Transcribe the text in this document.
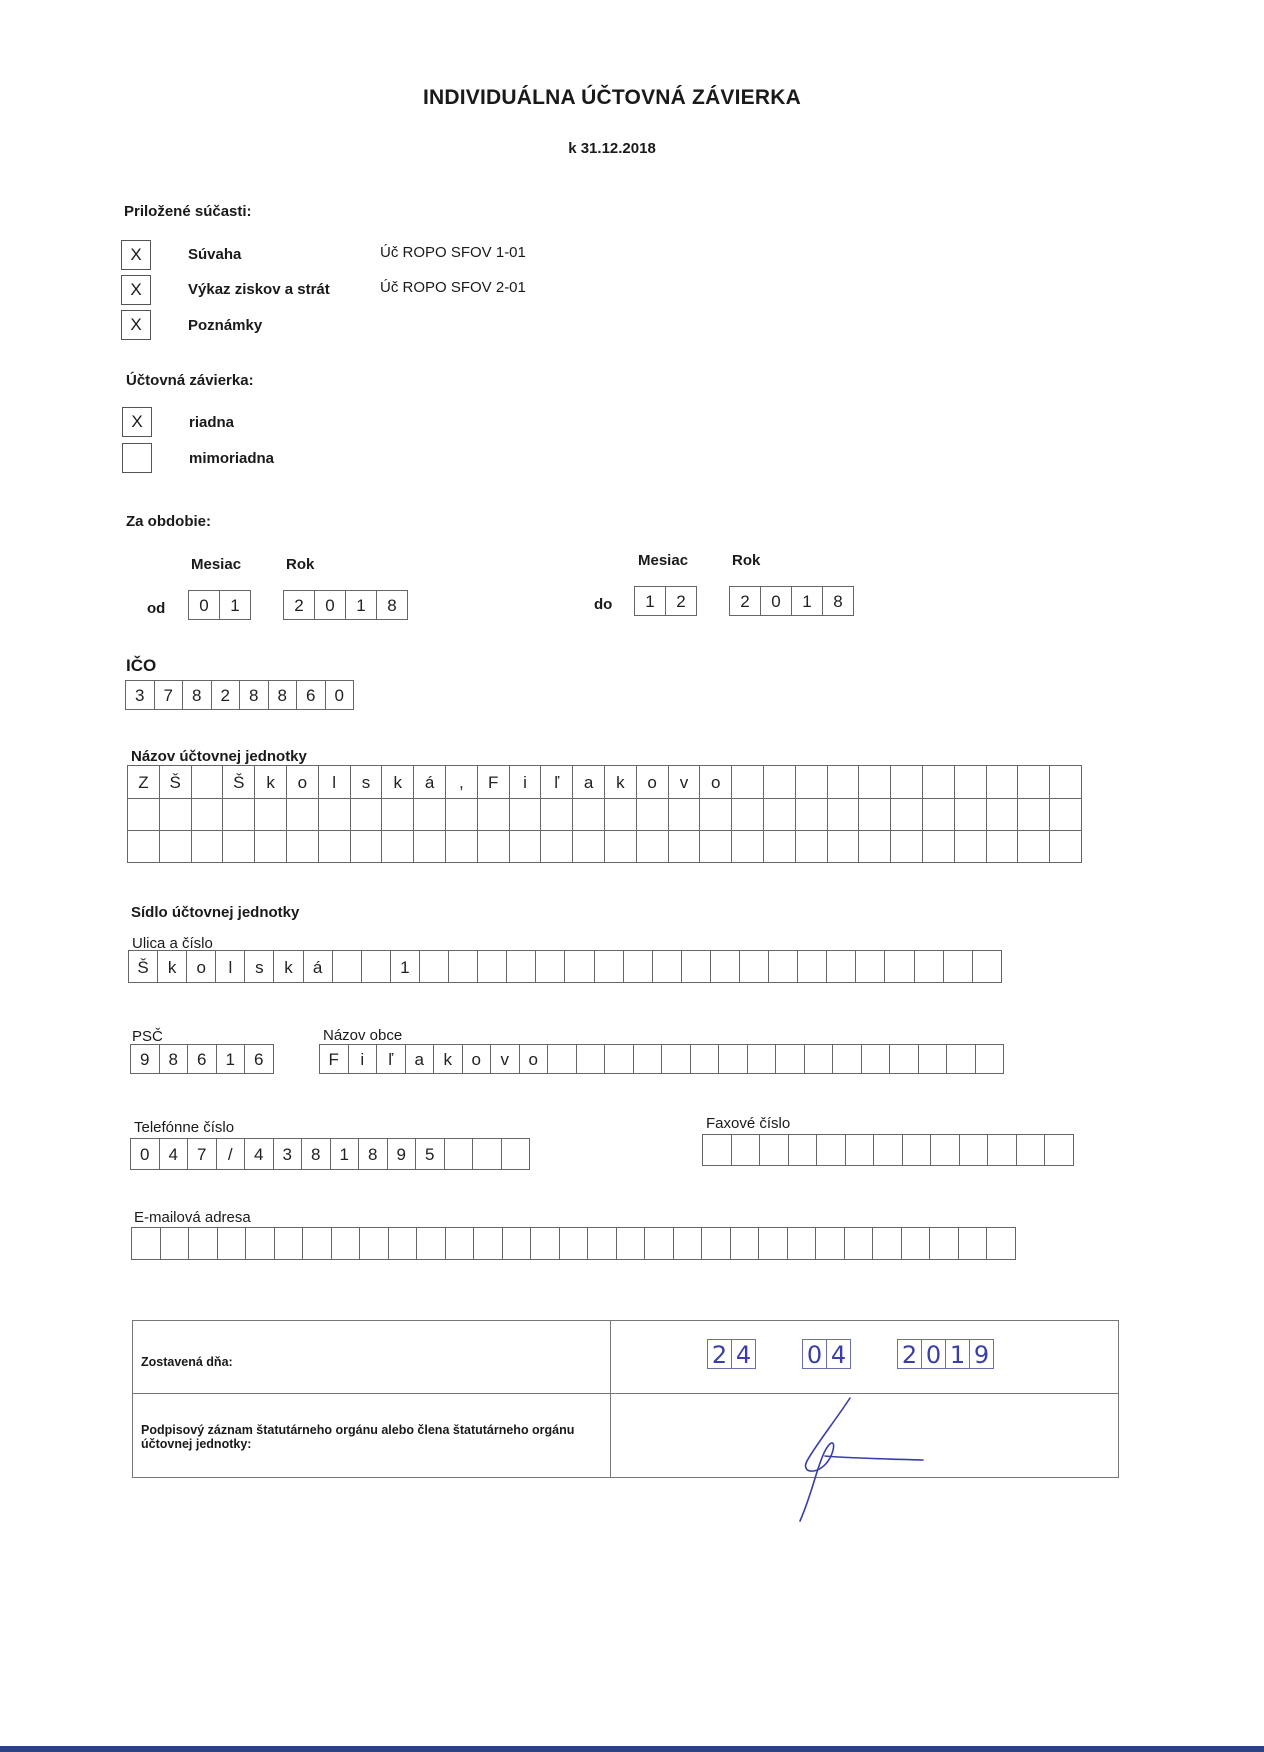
INDIVIDUÁLNA ÚČTOVNÁ ZÁVIERKA
k 31.12.2018
Priložené súčasti:
X	Súvaha	Úč ROPO SFOV 1-01
X	Výkaz ziskov a strát	Úč ROPO SFOV 2-01
X	Poznámky
Účtovná závierka:
X	riadna
mimoriadna
Za obdobie:
Mesiac	Rok	Mesiac	Rok
od	0	1	2	0	1	8	do	1	2	2	0	1	8
IČO
3	7	8	2	8	8	6	0
Názov účtovnej jednotky
Z	Š	Š	k	o	l	s	k	á	,	F	i	ľ	a	k	o	v	o
Sídlo účtovnej jednotky
Ulica a číslo
Š	k	o	l	s	k	á	1
PSČ
9	8	6	1	6
Názov obce
F	i	ľ	a	k	o	v	o
Telefónne číslo
0	4	7	/	4	3	8	1	8	9	5
Faxové číslo
E-mailová adresa
Zostavená dňa:	2 4 0 4 2 0 1 9
Podpisový záznam štatutárneho orgánu alebo člena štatutárneho orgánu účtovnej jednotky:
